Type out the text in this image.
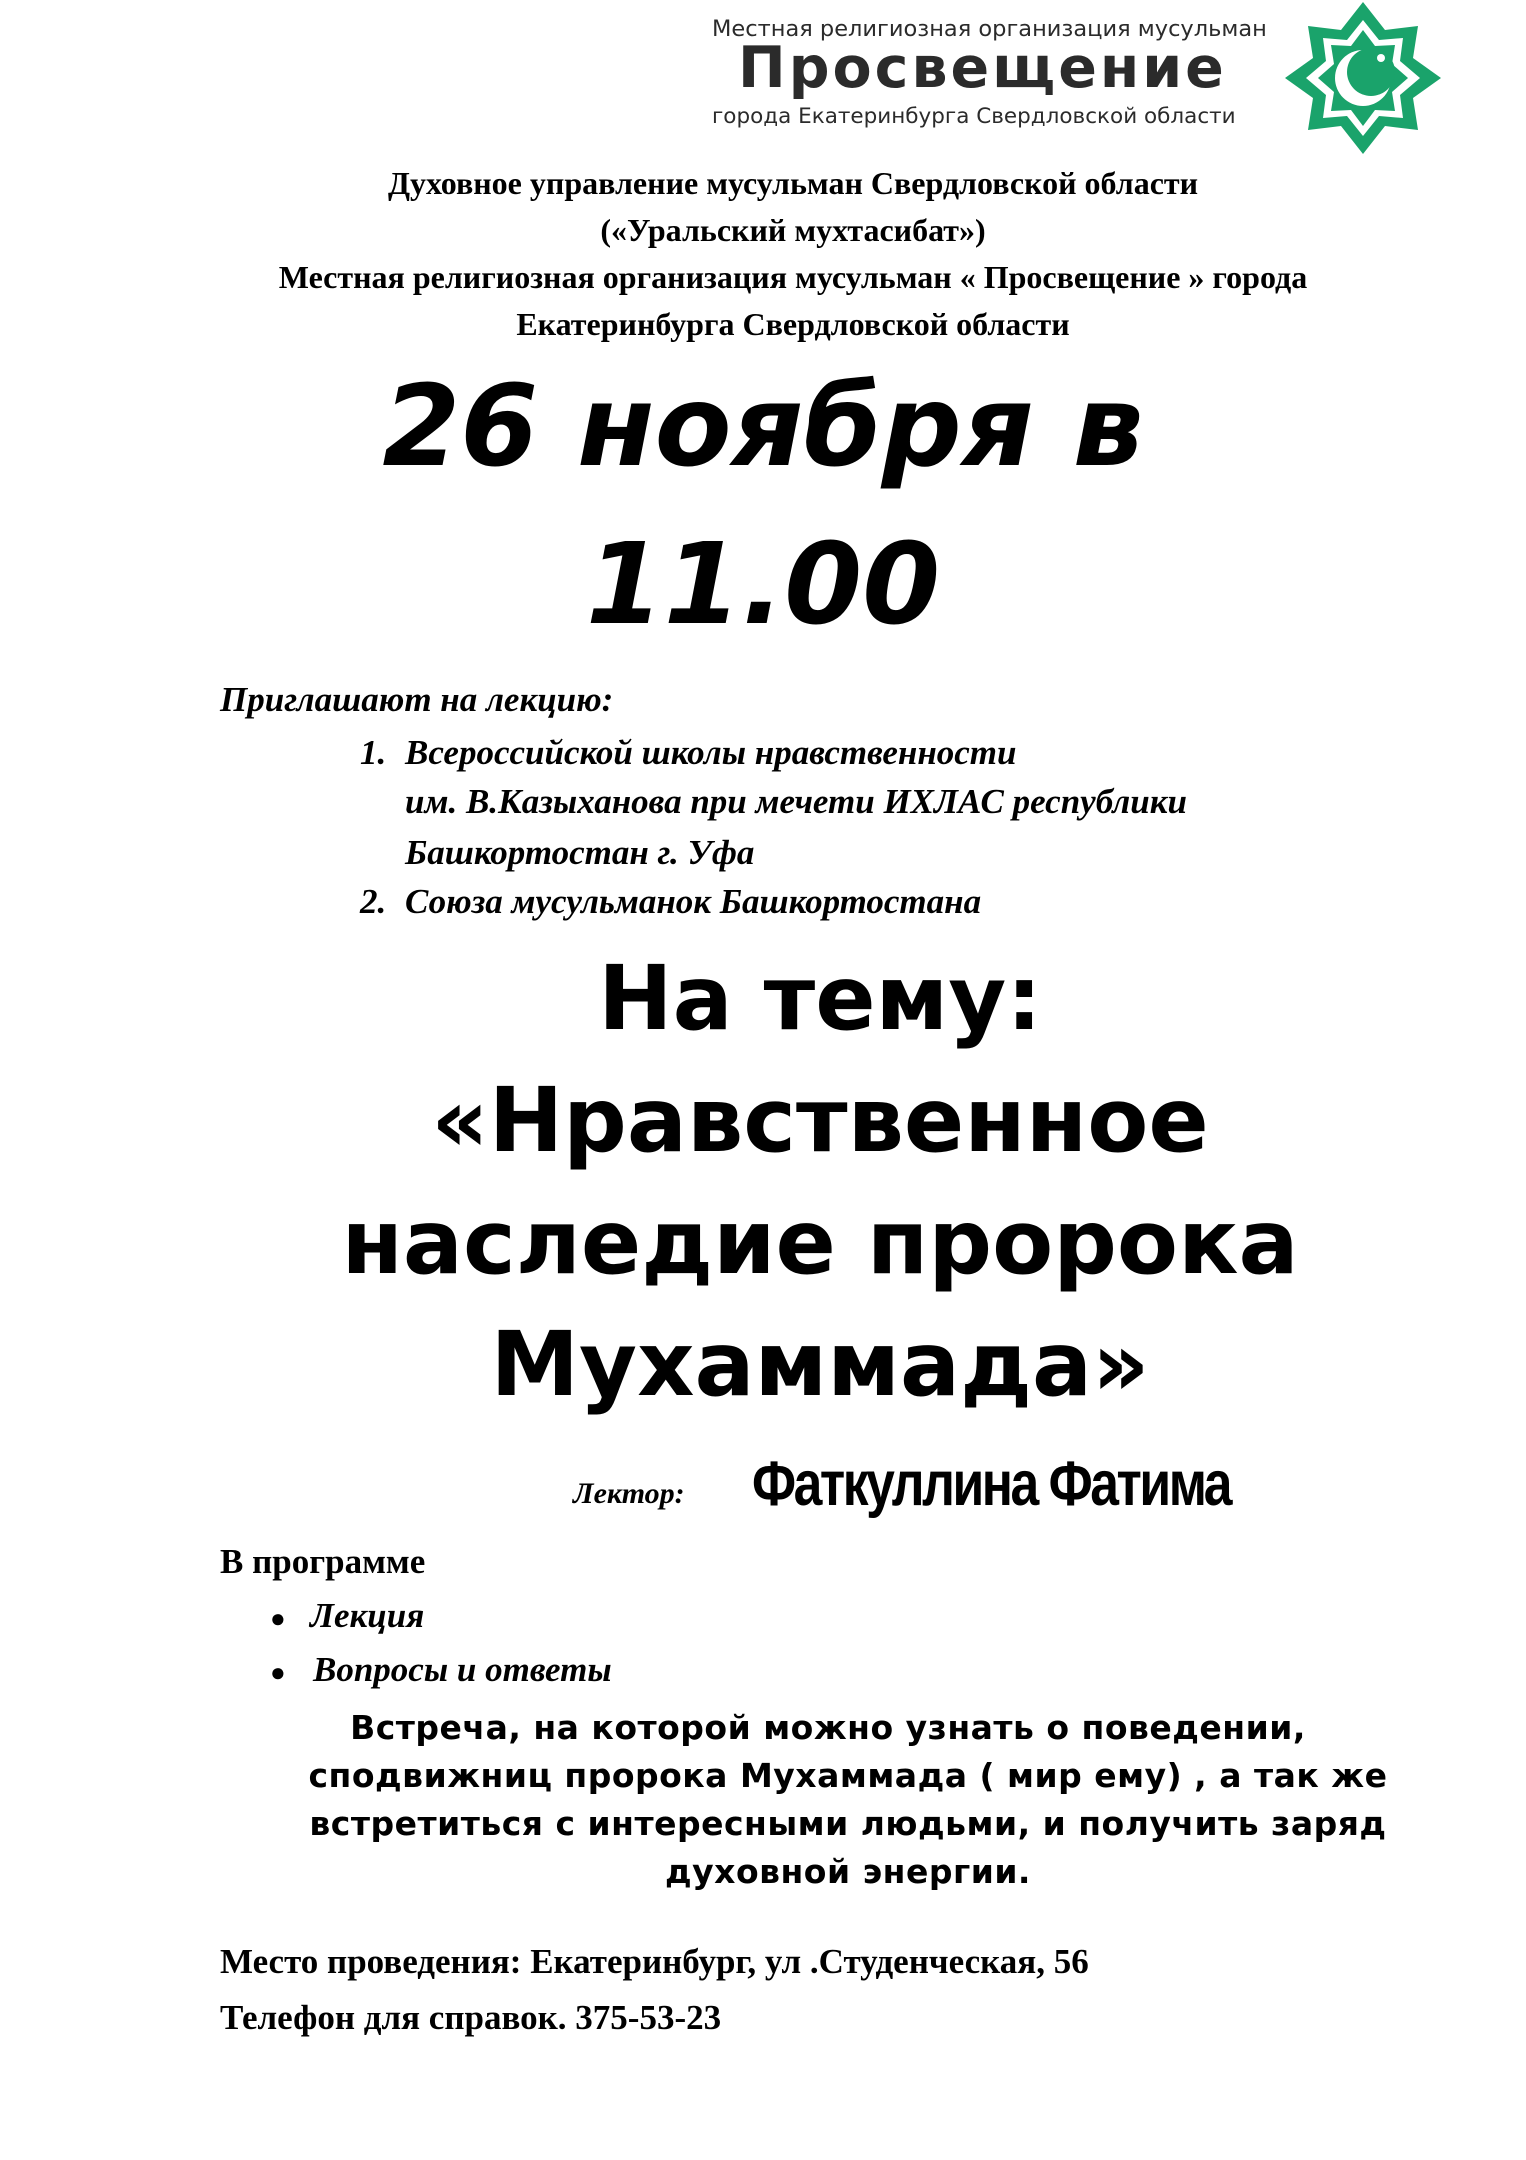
Местная религиозная организация мусульман
Просвещение
города Екатеринбурга Свердловской области
Духовное управление мусульман Свердловской области
(«Уральский мухтасибат»)
Местная религиозная организация мусульман « Просвещение » города
Екатеринбурга Свердловской области
26 ноября в
11.00
Приглашают на лекцию:
1. Всероссийской школы нравственности
им. В.Казыханова при мечети ИХЛАС республики
Башкортостан г. Уфа
2. Союза мусульманок Башкортостана
На тему:
«Нравственное
наследие пророка
Мухаммада»
Лектор: Фаткуллина Фатима
В программе
● Лекция
● Вопросы и ответы
Встреча, на которой можно узнать о поведении,
сподвижниц пророка Мухаммада ( мир ему) , а так же
встретиться с интересными людьми, и получить заряд
духовной энергии.
Место проведения: Екатеринбург, ул .Студенческая, 56
Телефон для справок. 375-53-23
